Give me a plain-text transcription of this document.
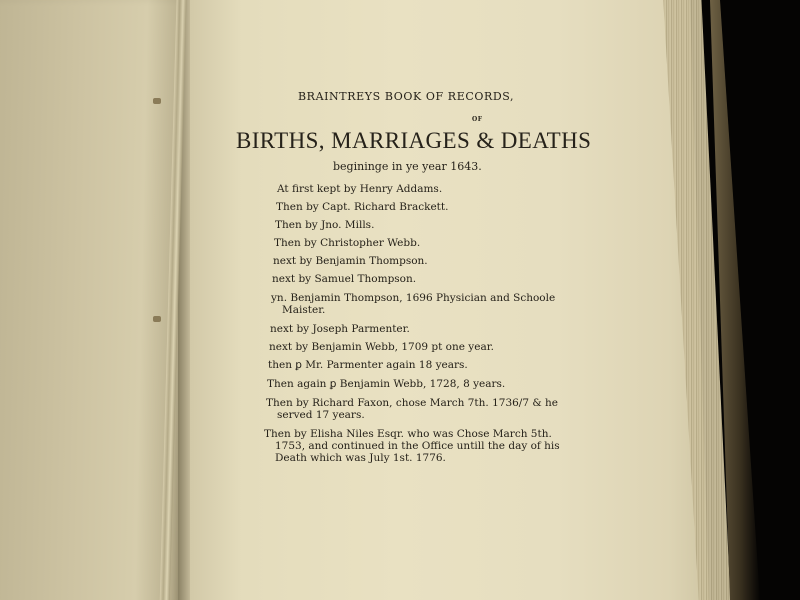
BRAINTREYS BOOK OF RECORDS,
OF
BIRTHS, MARRIAGES & DEATHS
begininge in ye year 1643.
At first kept by Henry Addams.
Then by Capt. Richard Brackett.
Then by Jno. Mills.
Then by Christopher Webb.
next by Benjamin Thompson.
next by Samuel Thompson.
yn. Benjamin Thompson, 1696 Physician and Schoole
Maister.
next by Joseph Parmenter.
next by Benjamin Webb, 1709 pt one year.
then ꝑ Mr. Parmenter again 18 years.
Then again ꝑ Benjamin Webb, 1728, 8 years.
Then by Richard Faxon, chose March 7th. 1736/7 & he
served 17 years.
Then by Elisha Niles Esqr. who was Chose March 5th.
1753, and continued in the Office untill the day of his
Death which was July 1st. 1776.
